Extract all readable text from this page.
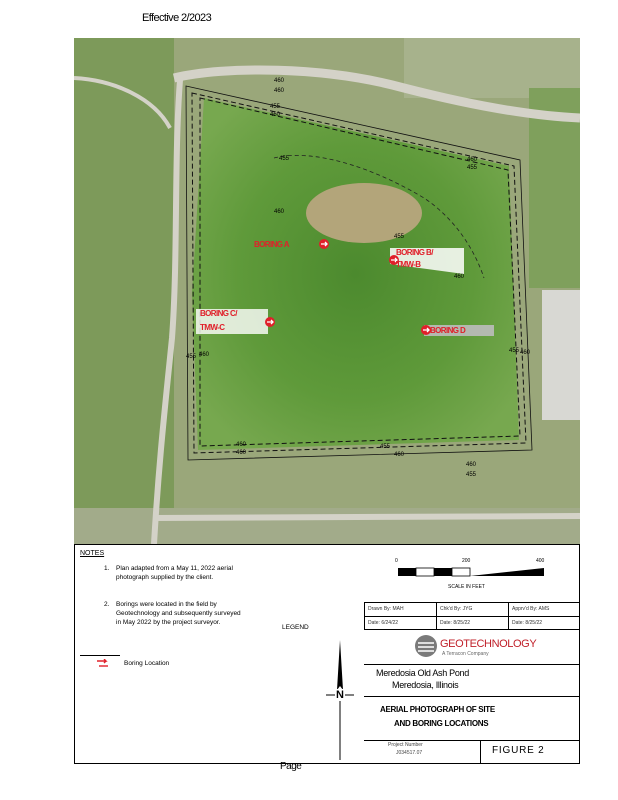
Effective 2/2023
460
460
455
460
455
460
455
460
455
460
460
455
455 460
460
460
455
460
460
455
BORING A
BORING B/
TMW-B
BORING C/
TMW-C	BORING D
NOTES
1. Plan adapted from a May 11, 2022 aerial
photograph supplied by the client.
2. Borings were located in the field by
Geotechnology and subsequently surveyed
in May 2022 by the project surveyor.
LEGEND
Boring Location
N
0	200	400
SCALE IN FEET
Drawn By: MAH	Chk'd By: JYG	Apprv'd By: AMS
Date: 6/24/22	Date: 8/25/22	Date: 8/25/22
GEOTECHNOLOGY
A Terracon Company
Meredosia Old Ash Pond
Meredosia, Illinois
AERIAL PHOTOGRAPH OF SITE
AND BORING LOCATIONS
Project Number
J034517.07	FIGURE 2
Page
